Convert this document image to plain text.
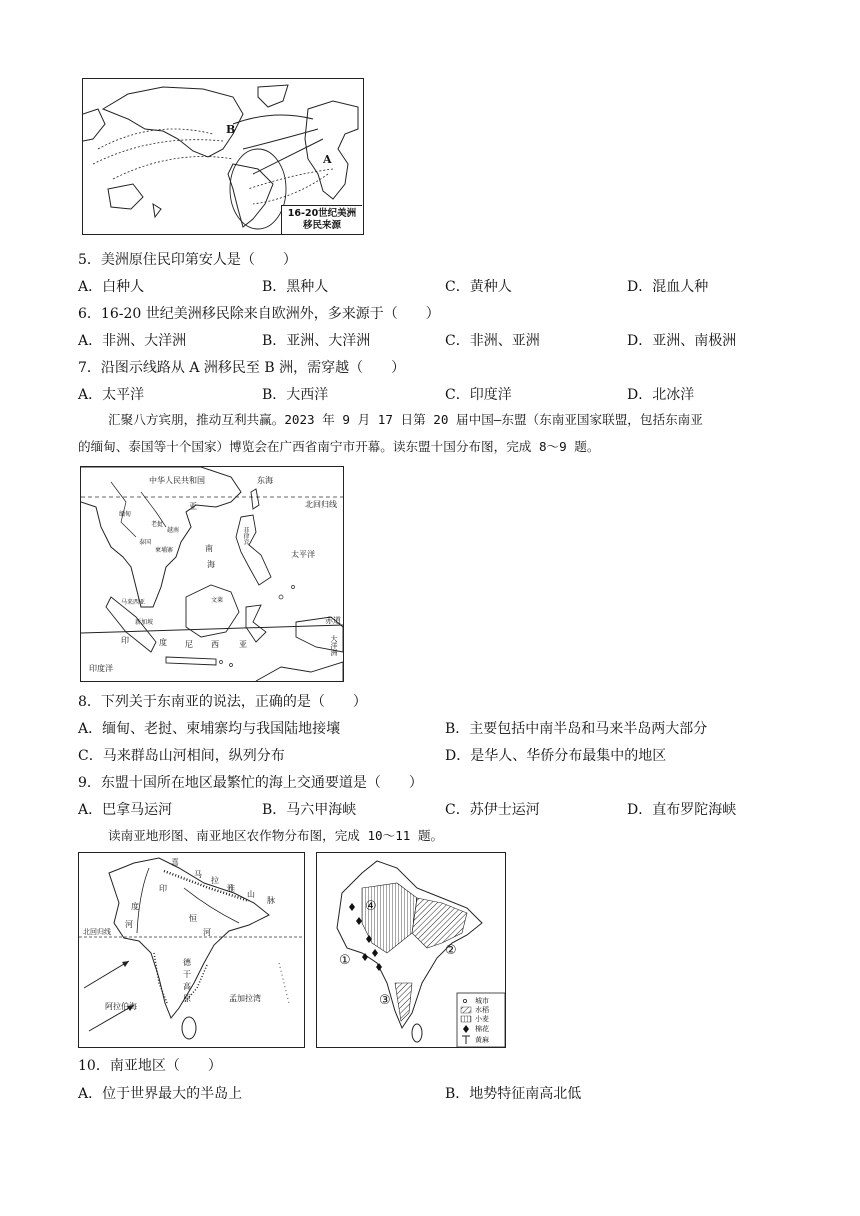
B
A
16-20世纪美洲
移民来源
5．美洲原住民印第安人是（　　）
A．白种人	B．黑种人	C．黄种人	D．混血人种
6．16-20 世纪美洲移民除来自欧洲外，多来源于（　　）
A．非洲、大洋洲	B．亚洲、大洋洲	C．非洲、亚洲	D．亚洲、南极洲
7．沿图示线路从 A 洲移民至 B 洲，需穿越（　　）
A．太平洋	B．大西洋	C．印度洋	D．北冰洋
汇聚八方宾朋，推动互利共赢。2023 年 9 月 17 日第 20 届中国—东盟（东南亚国家联盟，包括东南亚
的缅甸、泰国等十个国家）博览会在广西省南宁市开幕。读东盟十国分布图，完成 8～9 题。
中华人民共和国	东海
北回归线
缅甸
老挝
泰国
越南
柬埔寨
亚
菲律宾
南
海
太平洋
马来西亚	文莱
新加坡	赤道
印	度 尼 西	亚
印度洋
大洋洲
8．下列关于东南亚的说法，正确的是（　　）
A．缅甸、老挝、柬埔寨均与我国陆地接壤	B．主要包括中南半岛和马来半岛两大部分
C．马来群岛山河相间，纵列分布	D．是华人、华侨分布最集中的地区
9．东盟十国所在地区最繁忙的海上交通要道是（　　）
A．巴拿马运河	B．马六甲海峡	C．苏伊士运河	D．直布罗陀海峡
读南亚地形图、南亚地区农作物分布图，完成 10～11 题。
喜
马
拉
雅
山
脉
印
度
河
恒
河
北回归线
阿拉伯海
德
干
高
原	孟加拉湾
①
②
③
④
城市
水稻
小麦
棉花
黄麻
10．南亚地区（　　）
A．位于世界最大的半岛上	B．地势特征南高北低
